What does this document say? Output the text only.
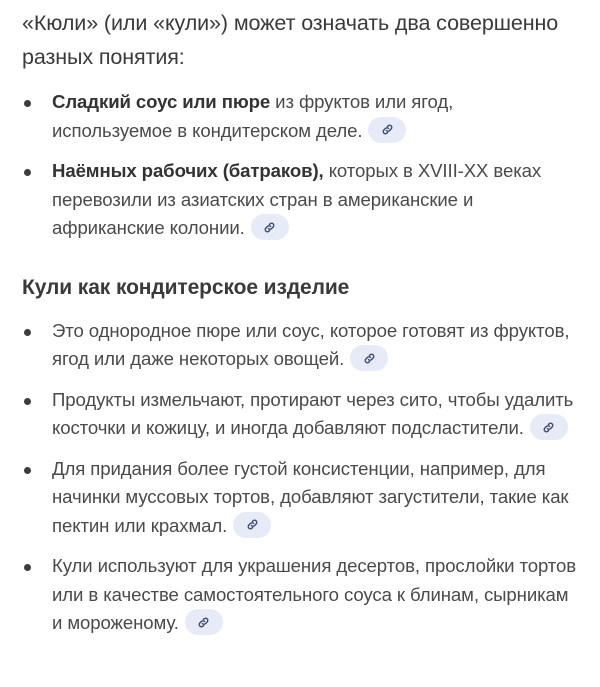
«Кюли» (или «кули») может означать два совершенно разных понятия:

Сладкий соус или пюре из фруктов или ягод, используемое в кондитерском деле.
Наёмных рабочих (батраков), которых в XVIII-XX веках перевозили из азиатских стран в американские и африканские колонии.
Кули как кондитерское изделие
Это однородное пюре или соус, которое готовят из фруктов, ягод или даже некоторых овощей.
Продукты измельчают, протирают через сито, чтобы удалить косточки и кожицу, и иногда добавляют подсластители.
Для придания более густой консистенции, например, для начинки муссовых тортов, добавляют загустители, такие как пектин или крахмал.
Кули используют для украшения десертов, прослойки тортов или в качестве самостоятельного соуса к блинам, сырникам и мороженому.
